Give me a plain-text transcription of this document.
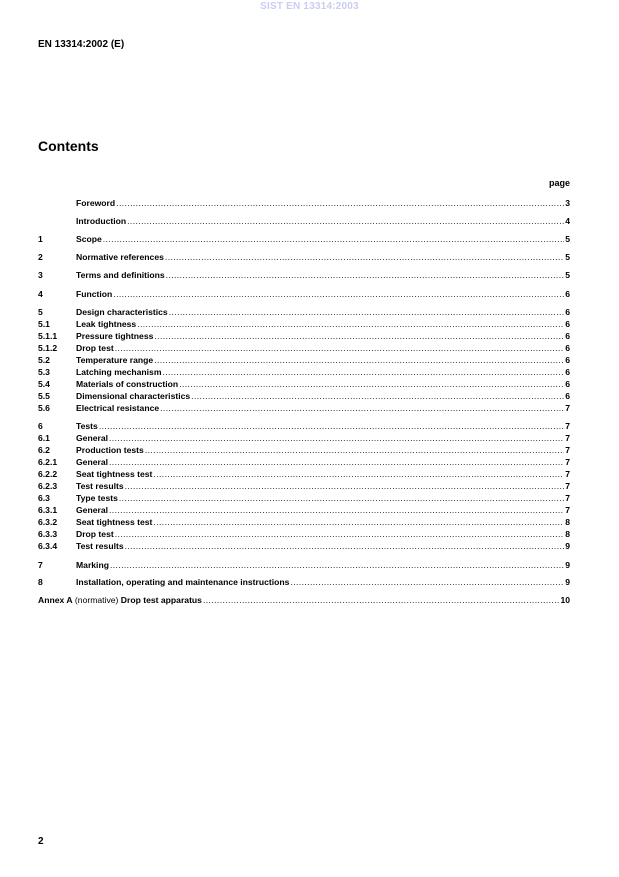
SIST EN 13314:2003
EN 13314:2002 (E)
Contents
page
Foreword .....	3
Introduction .....	4
1	Scope .....	5
2	Normative references .....	5
3	Terms and definitions .....	5
4	Function .....	6
5	Design characteristics .....	6
5.1	Leak tightness .....	6
5.1.1	Pressure tightness .....	6
5.1.2	Drop test .....	6
5.2	Temperature range .....	6
5.3	Latching mechanism .....	6
5.4	Materials of construction .....	6
5.5	Dimensional characteristics .....	6
5.6	Electrical resistance .....	7
6	Tests .....	7
6.1	General .....	7
6.2	Production tests .....	7
6.2.1	General .....	7
6.2.2	Seat tightness test .....	7
6.2.3	Test results .....	7
6.3	Type tests .....	7
6.3.1	General .....	7
6.3.2	Seat tightness test .....	8
6.3.3	Drop test .....	8
6.3.4	Test results .....	9
7	Marking .....	9
8	Installation, operating and maintenance instructions .....	9
Annex A (normative) Drop test apparatus .....	10
2
